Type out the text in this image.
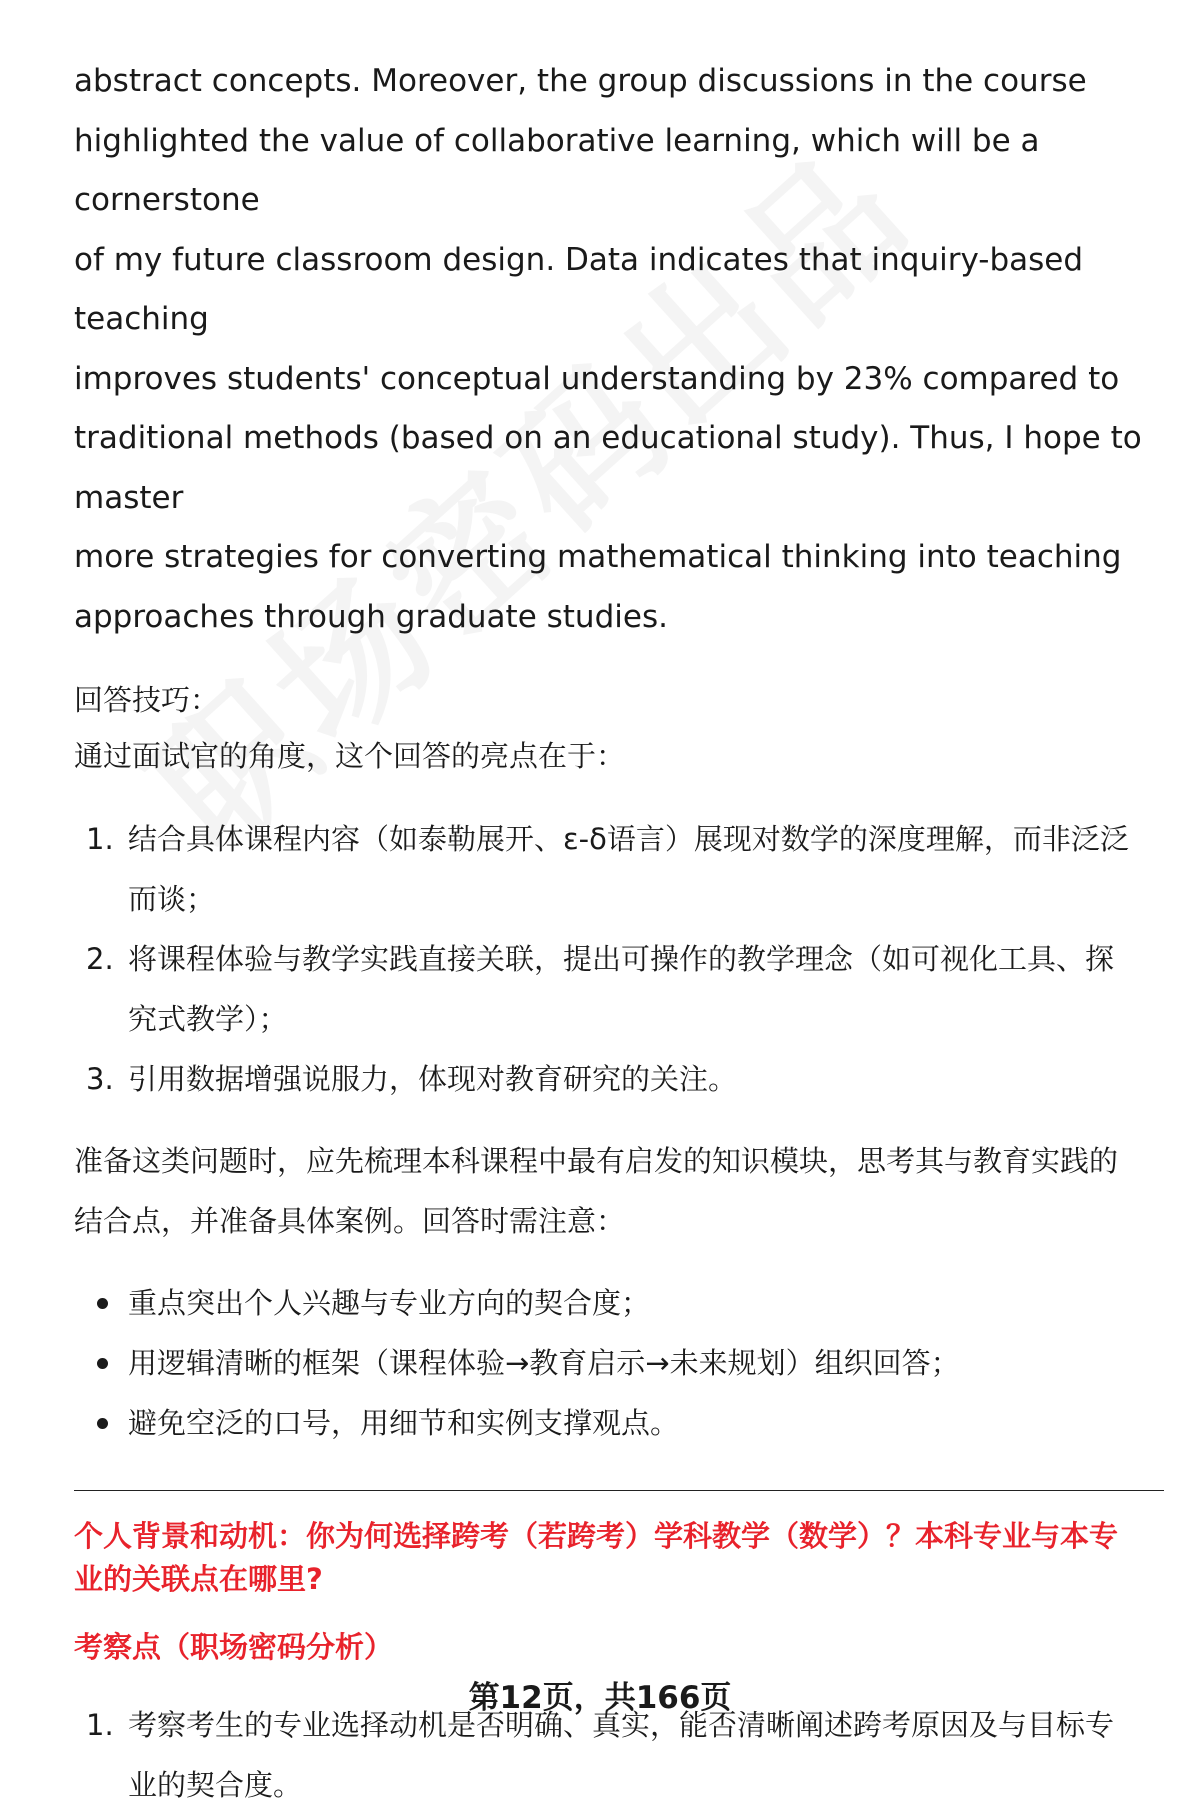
abstract concepts. Moreover, the group discussions in the course

highlighted the value of collaborative learning, which will be a cornerstone

of my future classroom design. Data indicates that inquiry-based teaching

improves students' conceptual understanding by 23% compared to

traditional methods (based on an educational study). Thus, I hope to master

more strategies for converting mathematical thinking into teaching

approaches through graduate studies.

回答技巧：

通过面试官的角度，这个回答的亮点在于：

1. 结合具体课程内容（如泰勒展开、ε-δ语言）展现对数学的深度理解，而非泛泛
而谈；
2. 将课程体验与教学实践直接关联，提出可操作的教学理念（如可视化工具、探
究式教学）；
3. 引用数据增强说服力，体现对教育研究的关注。

准备这类问题时，应先梳理本科课程中最有启发的知识模块，思考其与教育实践的

结合点，并准备具体案例。回答时需注意：

重点突出个人兴趣与专业方向的契合度；
用逻辑清晰的框架（课程体验→教育启示→未来规划）组织回答；
避免空泛的口号，用细节和实例支撑观点。

个人背景和动机：你为何选择跨考（若跨考）学科教学（数学）？本科专业与本专

业的关联点在哪里?

考察点（职场密码分析）

1. 考察考生的专业选择动机是否明确、真实，能否清晰阐述跨考原因及与目标专
业的契合度。
第12页，共166页
